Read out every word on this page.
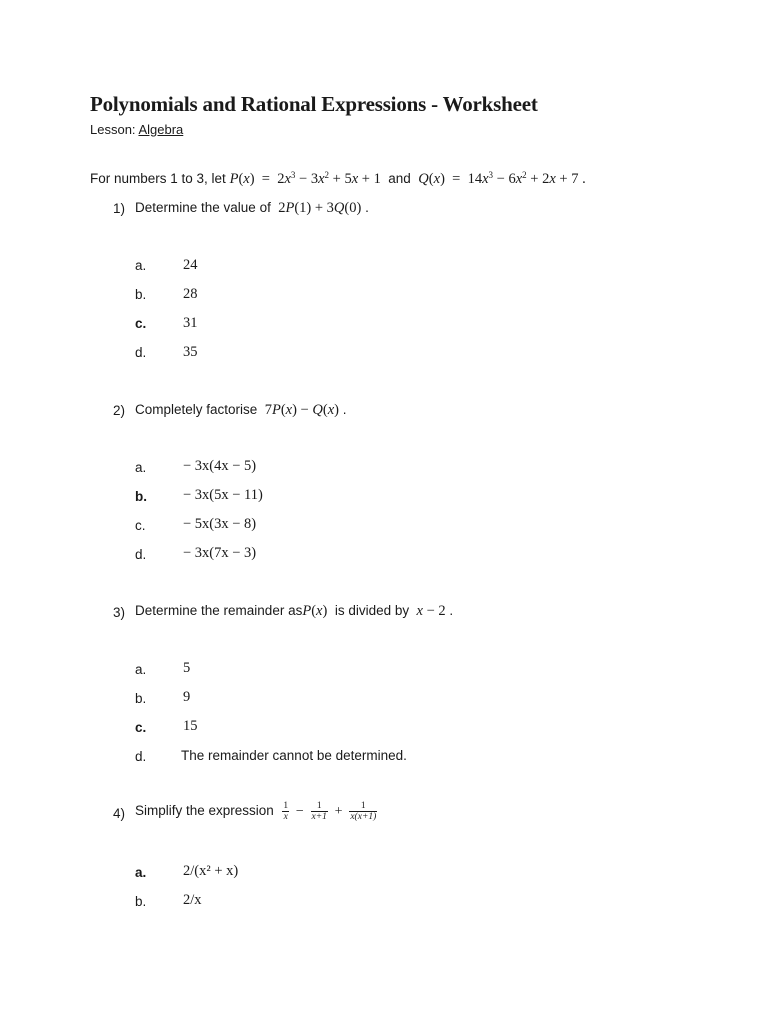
Polynomials and Rational Expressions - Worksheet
Lesson: Algebra
For numbers 1 to 3, let $P(x) = 2x^3 - 3x^2 + 5x + 1$ and $Q(x) = 14x^3 - 6x^2 + 2x + 7$ .
1) Determine the value of  2P(1) + 3Q(0) .
a.	24
b.	28
c.	31
d.	35
2) Completely factorise  7P(x) − Q(x) .
a.	− 3x(4x − 5)
b. − 3x(5x − 11)
c.	− 5x(3x − 8)
d.	− 3x(7x − 3)
3) Determine the remainder asP(x) is divided by x − 2 .
a.	5
b.	9
c.	15
d.	The remainder cannot be determined.
4) Simplify the expression $\frac{1}{x} - \frac{1}{x+1} + \frac{1}{x(x+1)}$
a.	2/(x² + x)
b.	2/x
